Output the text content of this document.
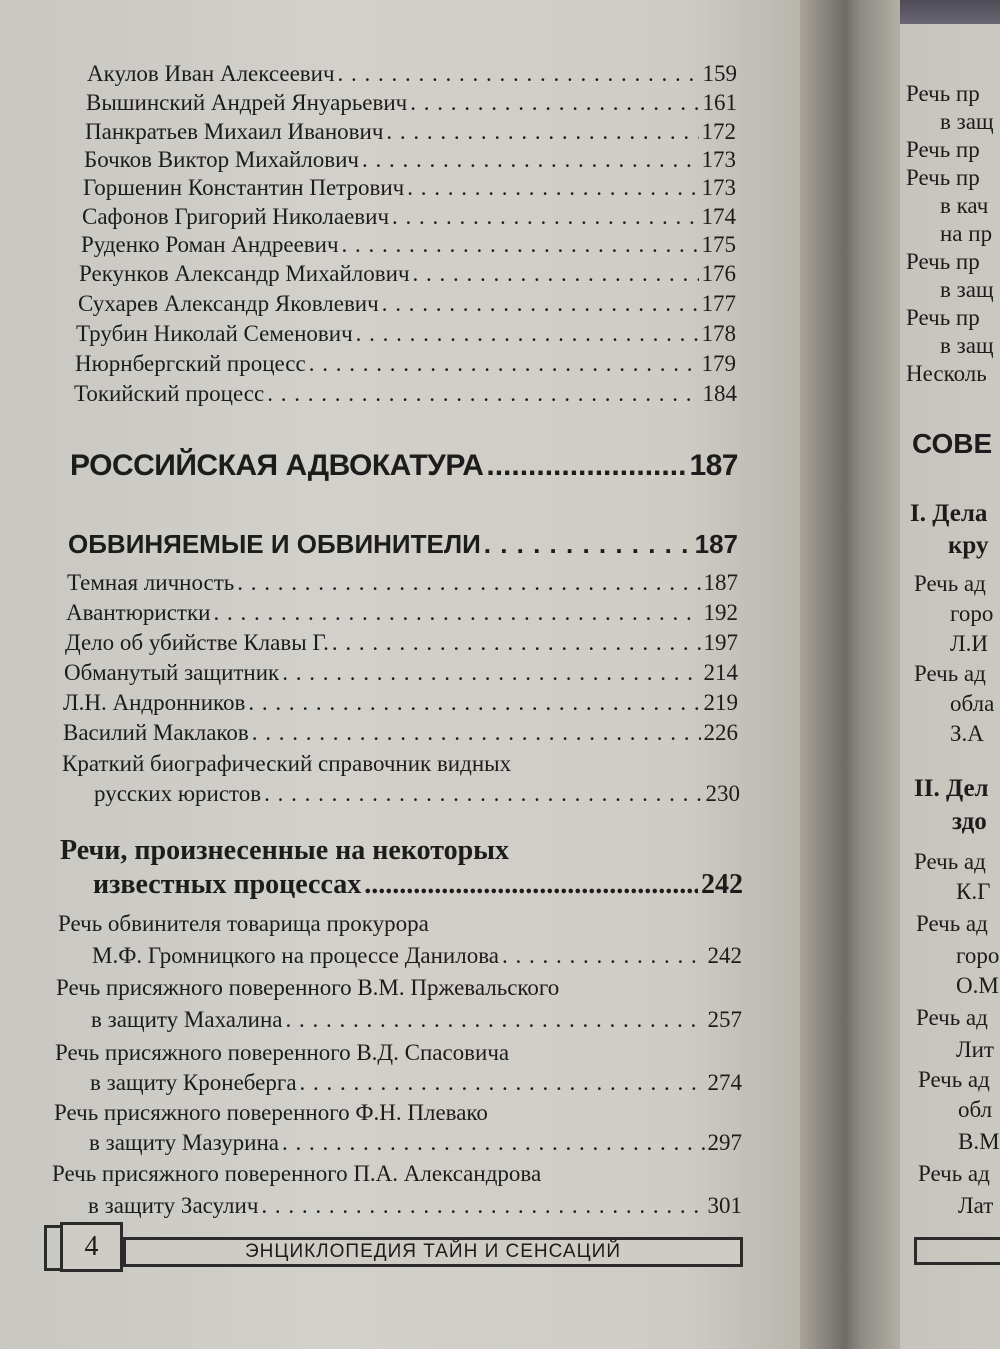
Акулов Иван Алексеевич . . .	159
Вышинский Андрей Януарьевич . . .	161
Панкратьев Михаил Иванович . . .	172
Бочков Виктор Михайлович . . .	173
Горшенин Константин Петрович . . .	173
Сафонов Григорий Николаевич . . .	174
Руденко Роман Андреевич . . .	175
Рекунков Александр Михайлович . . .	176
Сухарев Александр Яковлевич . . .	177
Трубин Николай Семенович . . .	178
Нюрнбергский процесс . . .	179
Токийский процесс . . .	184
РОССИЙСКАЯ АДВОКАТУРА .....	187
ОБВИНЯЕМЫЕ И ОБВИНИТЕЛИ . . .	187
Темная личность . . .	187
Авантюристки . . .	192
Дело об убийстве Клавы Г. . . .	197
Обманутый защитник . . .	214
Л.Н. Андронников . . .	219
Василий Маклаков . . .	226
Краткий биографический справочник видных
русских юристов . . .	230
Речи, произнесенные на некоторых
известных процессах .....	242
Речь обвинителя товарища прокурора
М.Ф. Громницкого на процессе Данилова . . .	242
Речь присяжного поверенного В.М. Пржевальского
в защиту Махалина . . .	257
Речь присяжного поверенного В.Д. Спасовича
в защиту Кронеберга . . .	274
Речь присяжного поверенного Ф.Н. Плевако
в защиту Мазурина . . .	297
Речь присяжного поверенного П.А. Александрова
в защиту Засулич . . .	301
4	ЭНЦИКЛОПЕДИЯ ТАЙН И СЕНСАЦИЙ
Речь пр
в защ
Речь пр
Речь пр
в кач
на пр
Речь пр
в защ
Речь пр
в защ
Несколь
СОВЕ
I. Дела
кру
Речь ад
горо
Л.И
Речь ад
обла
З.А
II. Дел
здо
Речь ад
К.Г
Речь ад
горо
О.М
Речь ад
Лит
Речь ад
обл
В.М
Речь ад
Лат
